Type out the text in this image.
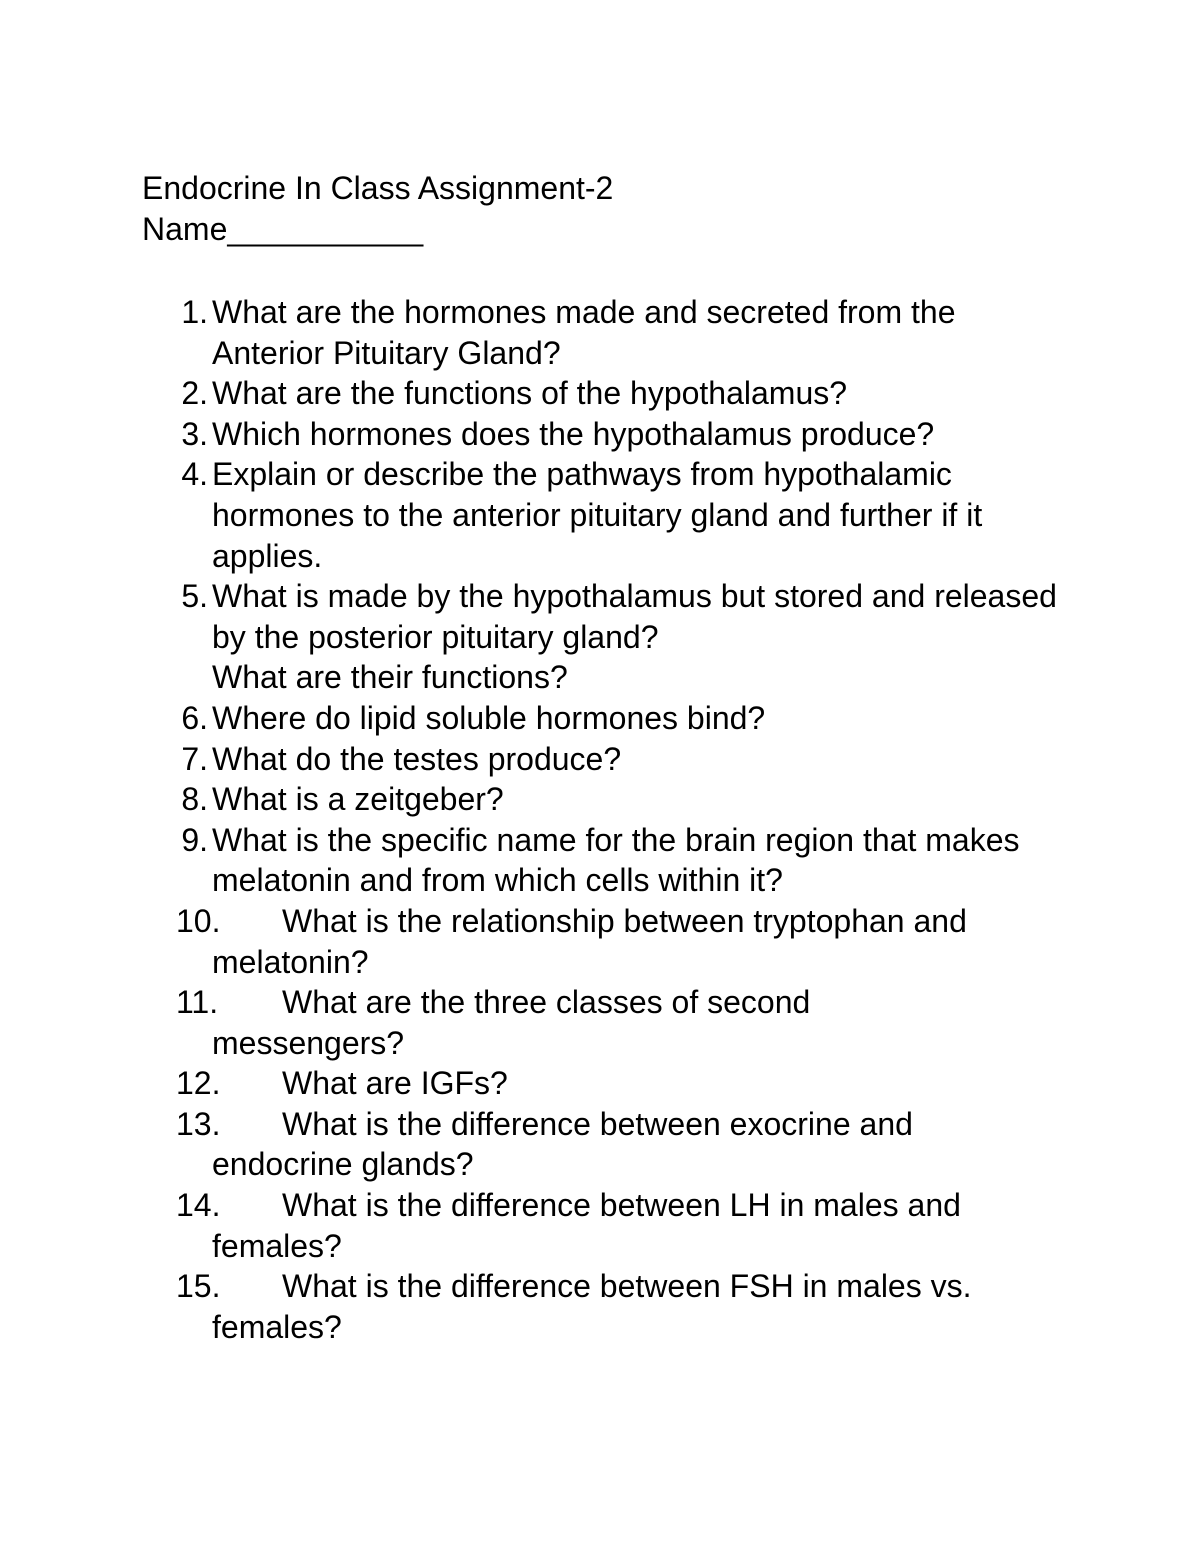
Endocrine In Class Assignment-2
Name___________
1. What are the hormones made and secreted from the Anterior Pituitary Gland?
2. What are the functions of the hypothalamus?
3. Which hormones does the hypothalamus produce?
4. Explain or describe the pathways from hypothalamic hormones to the anterior pituitary gland and further if it applies.
5. What is made by the hypothalamus but stored and released by the posterior pituitary gland?
What are their functions?
6. Where do lipid soluble hormones bind?
7. What do the testes produce?
8. What is a zeitgeber?
9. What is the specific name for the brain region that makes melatonin and from which cells within it?
10. What is the relationship between tryptophan and
melatonin?
11. What are the three classes of second
messengers?
12. What are IGFs?
13. What is the difference between exocrine and
endocrine glands?
14. What is the difference between LH in males and
females?
15. What is the difference between FSH in males vs.
females?
